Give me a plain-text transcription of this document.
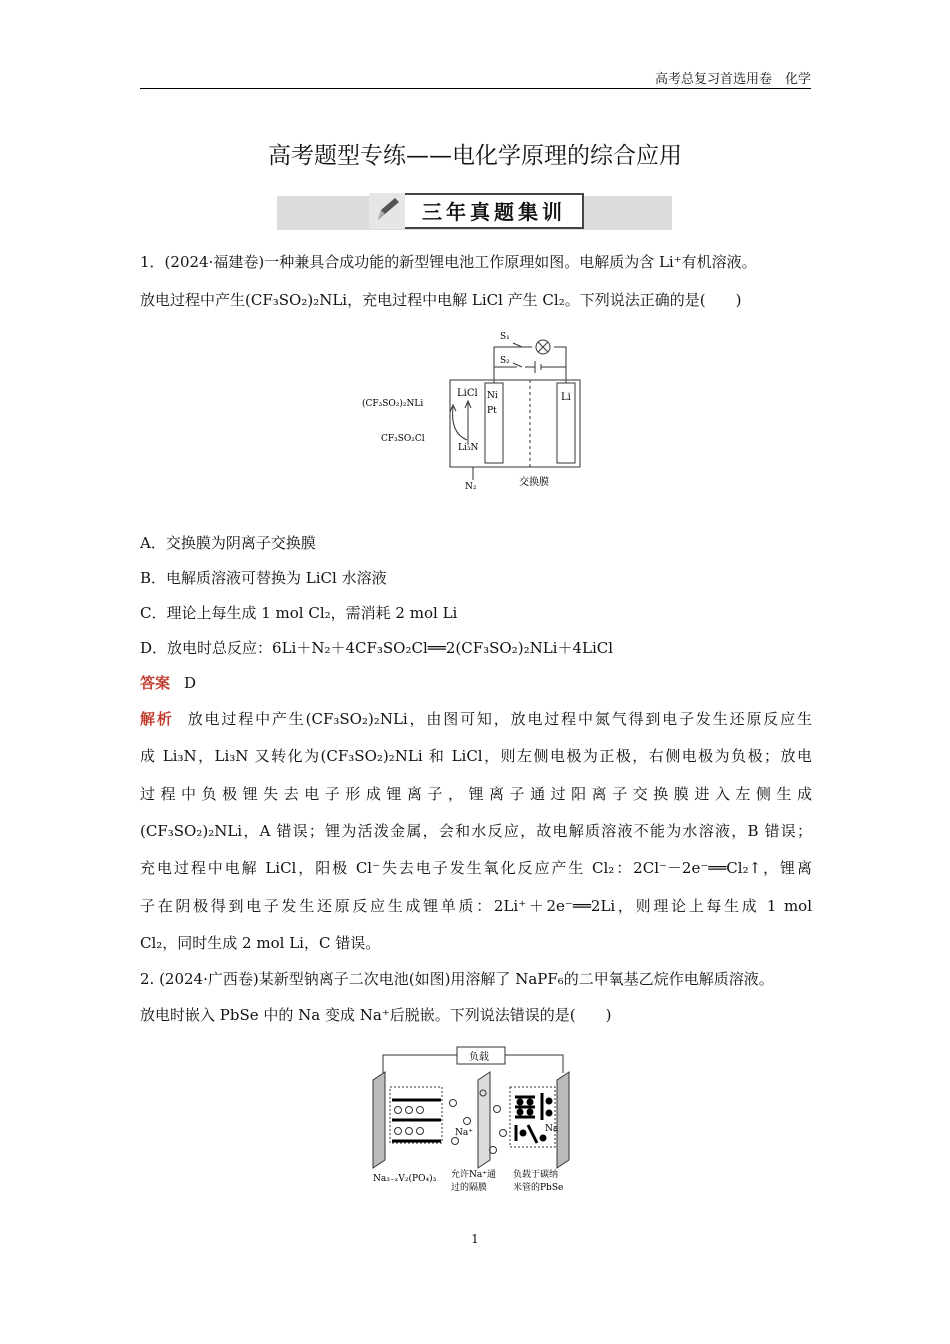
高考总复习首选用卷　化学
高考题型专练——电化学原理的综合应用
三年真题集训
1．(2024·福建卷)一种兼具合成功能的新型锂电池工作原理如图。电解质为含 Li⁺有机溶液。
放电过程中产生(CF₃SO₂)₂NLi，充电过程中电解 LiCl 产生 Cl₂。下列说法正确的是(　　)
S₁
S₂
LiCl Ni
Pt
Li
(CF₃SO₂)₂NLi
CF₃SO₂Cl
Li₃N
N₂	交换膜
A．交换膜为阴离子交换膜
B．电解质溶液可替换为 LiCl 水溶液
C．理论上每生成 1 mol Cl₂，需消耗 2 mol Li
D．放电时总反应：6Li＋N₂＋4CF₃SO₂Cl══2(CF₃SO₂)₂NLi＋4LiCl
答案 D
解析 放电过程中产生(CF₃SO₂)₂NLi，由图可知，放电过程中氮气得到电子发生还原反应生
成 Li₃N，Li₃N 又转化为(CF₃SO₂)₂NLi 和 LiCl，则左侧电极为正极，右侧电极为负极；放电
过程中负极锂失去电子形成锂离子，锂离子通过阳离子交换膜进入左侧生成
(CF₃SO₂)₂NLi，A 错误；锂为活泼金属，会和水反应，故电解质溶液不能为水溶液，B 错误；
充电过程中电解 LiCl，阳极 Cl⁻失去电子发生氧化反应产生 Cl₂：2Cl⁻－2e⁻══Cl₂↑，锂离
子在阴极得到电子发生还原反应生成锂单质：2Li⁺＋2e⁻══2Li，则理论上每生成 1 mol
Cl₂，同时生成 2 mol Li，C 错误。
2. (2024·广西卷)某新型钠离子二次电池(如图)用溶解了 NaPF₆的二甲氧基乙烷作电解质溶液。
放电时嵌入 PbSe 中的 Na 变成 Na⁺后脱嵌。下列说法错误的是(　　)
负载
Na⁺	Na
Na₃₋ₓV₂(PO₄)₃ 允许Na⁺通
过的隔膜
负载于碳纳
米管的PbSe
1
